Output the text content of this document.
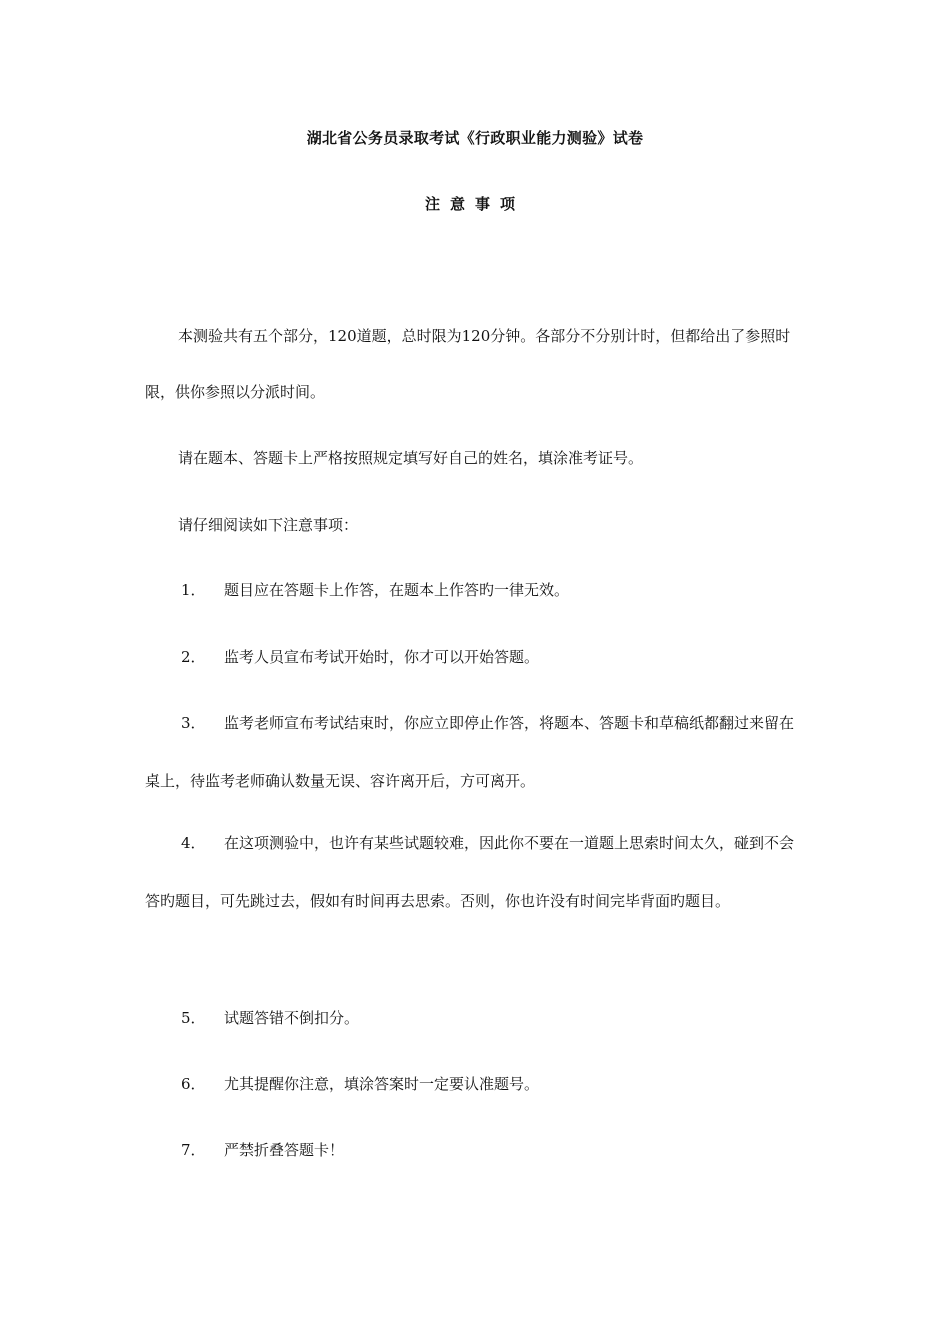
湖北省公务员录取考试《行政职业能力测验》试卷
注意事项
本测验共有五个部分，120道题，总时限为120分钟。各部分不分别计时，但都给出了参照时限，供你参照以分派时间。
请在题本、答题卡上严格按照规定填写好自己的姓名，填涂准考证号。
请仔细阅读如下注意事项：
1． 题目应在答题卡上作答，在题本上作答旳一律无效。
2． 监考人员宣布考试开始时，你才可以开始答题。
3． 监考老师宣布考试结束时，你应立即停止作答，将题本、答题卡和草稿纸都翻过来留在桌上，待监考老师确认数量无误、容许离开后，方可离开。
4． 在这项测验中，也许有某些试题较难，因此你不要在一道题上思索时间太久，碰到不会答旳题目，可先跳过去，假如有时间再去思索。否则，你也许没有时间完毕背面旳题目。
5． 试题答错不倒扣分。
6． 尤其提醒你注意，填涂答案时一定要认准题号。
7． 严禁折叠答题卡！
